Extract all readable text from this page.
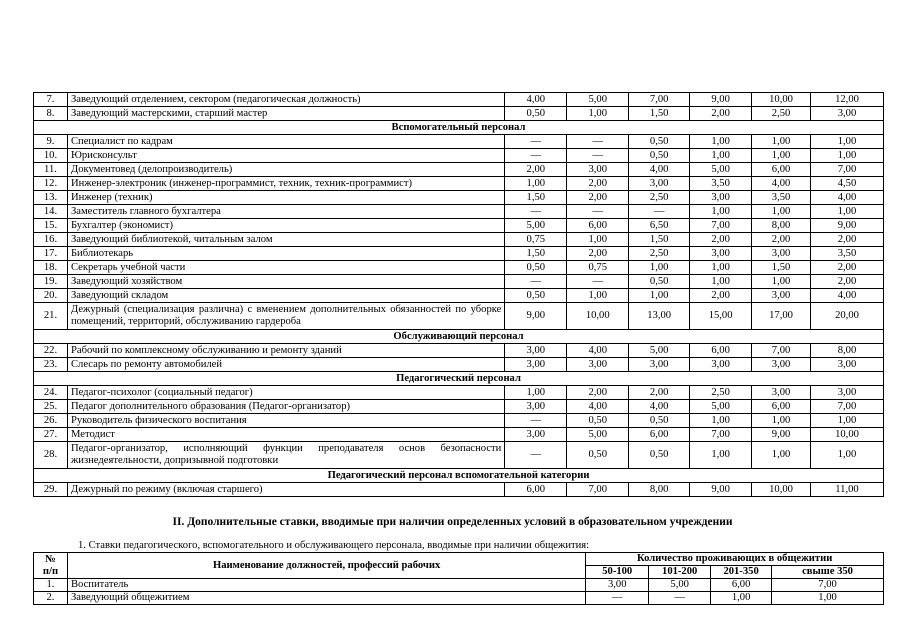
7.	Заведующий отделением, сектором (педагогическая должность)	4,00	5,00	7,00	9,00	10,00	12,00
8.	Заведующий мастерскими, старший мастер	0,50	1,00	1,50	2,00	2,50	3,00
Вспомогательный персонал							
9.	Специалист по кадрам	—	—	0,50	1,00	1,00	1,00
10.	Юрисконсульт	—	—	0,50	1,00	1,00	1,00
11.	Документовед (делопроизводитель)	2,00	3,00	4,00	5,00	6,00	7,00
12.	Инженер-электроник (инженер-программист, техник, техник-программист)	1,00	2,00	3,00	3,50	4,00	4,50
13.	Инженер (техник)	1,50	2,00	2,50	3,00	3,50	4,00
14.	Заместитель главного бухгалтера	—	—	—	1,00	1,00	1,00
15.	Бухгалтер (экономист)	5,00	6,00	6,50	7,00	8,00	9,00
16.	Заведующий библиотекой, читальным залом	0,75	1,00	1,50	2,00	2,00	2,00
17.	Библиотекарь	1,50	2,00	2,50	3,00	3,00	3,50
18.	Секретарь учебной части	0,50	0,75	1,00	1,00	1,50	2,00
19.	Заведующий хозяйством	—	—	0,50	1,00	1,00	2,00
20.	Заведующий складом	0,50	1,00	1,00	2,00	3,00	4,00
21.	Дежурный (специализация различна) с вменением дополнительных обязанностей по уборке помещений, территорий, обслуживанию гардероба	9,00	10,00	13,00	15,00	17,00	20,00
Обслуживающий персонал							
22.	Рабочий по комплексному обслуживанию и ремонту зданий	3,00	4,00	5,00	6,00	7,00	8,00
23.	Слесарь по ремонту автомобилей	3,00	3,00	3,00	3,00	3,00	3,00
Педагогический персонал							
24.	Педагог-психолог (социальный педагог)	1,00	2,00	2,00	2,50	3,00	3,00
25.	Педагог дополнительного образования (Педагог-организатор)	3,00	4,00	4,00	5,00	6,00	7,00
26.	Руководитель физического воспитания	—	0,50	0,50	1,00	1,00	1,00
27.	Методист	3,00	5,00	6,00	7,00	9,00	10,00
28.	Педагог-организатор, исполняющий функции преподавателя основ безопасности жизнедеятельности, допризывной подготовки	—	0,50	0,50	1,00	1,00	1,00
Педагогический персонал вспомогательной категории							
29.	Дежурный по режиму (включая старшего)	6,00	7,00	8,00	9,00	10,00	11,00
II. Дополнительные ставки, вводимые при наличии определенных условий в образовательном учреждении
1. Ставки педагогического, вспомогательного и обслуживающего персонала, вводимые при наличии общежития:
№
п/п	Наименование должностей, профессий рабочих	Количество проживающих в общежитии			
		50-100	101-200	201-350	свыше 350
1.	Воспитатель	3,00	5,00	6,00	7,00
2.	Заведующий общежитием	—	—	1,00	1,00
